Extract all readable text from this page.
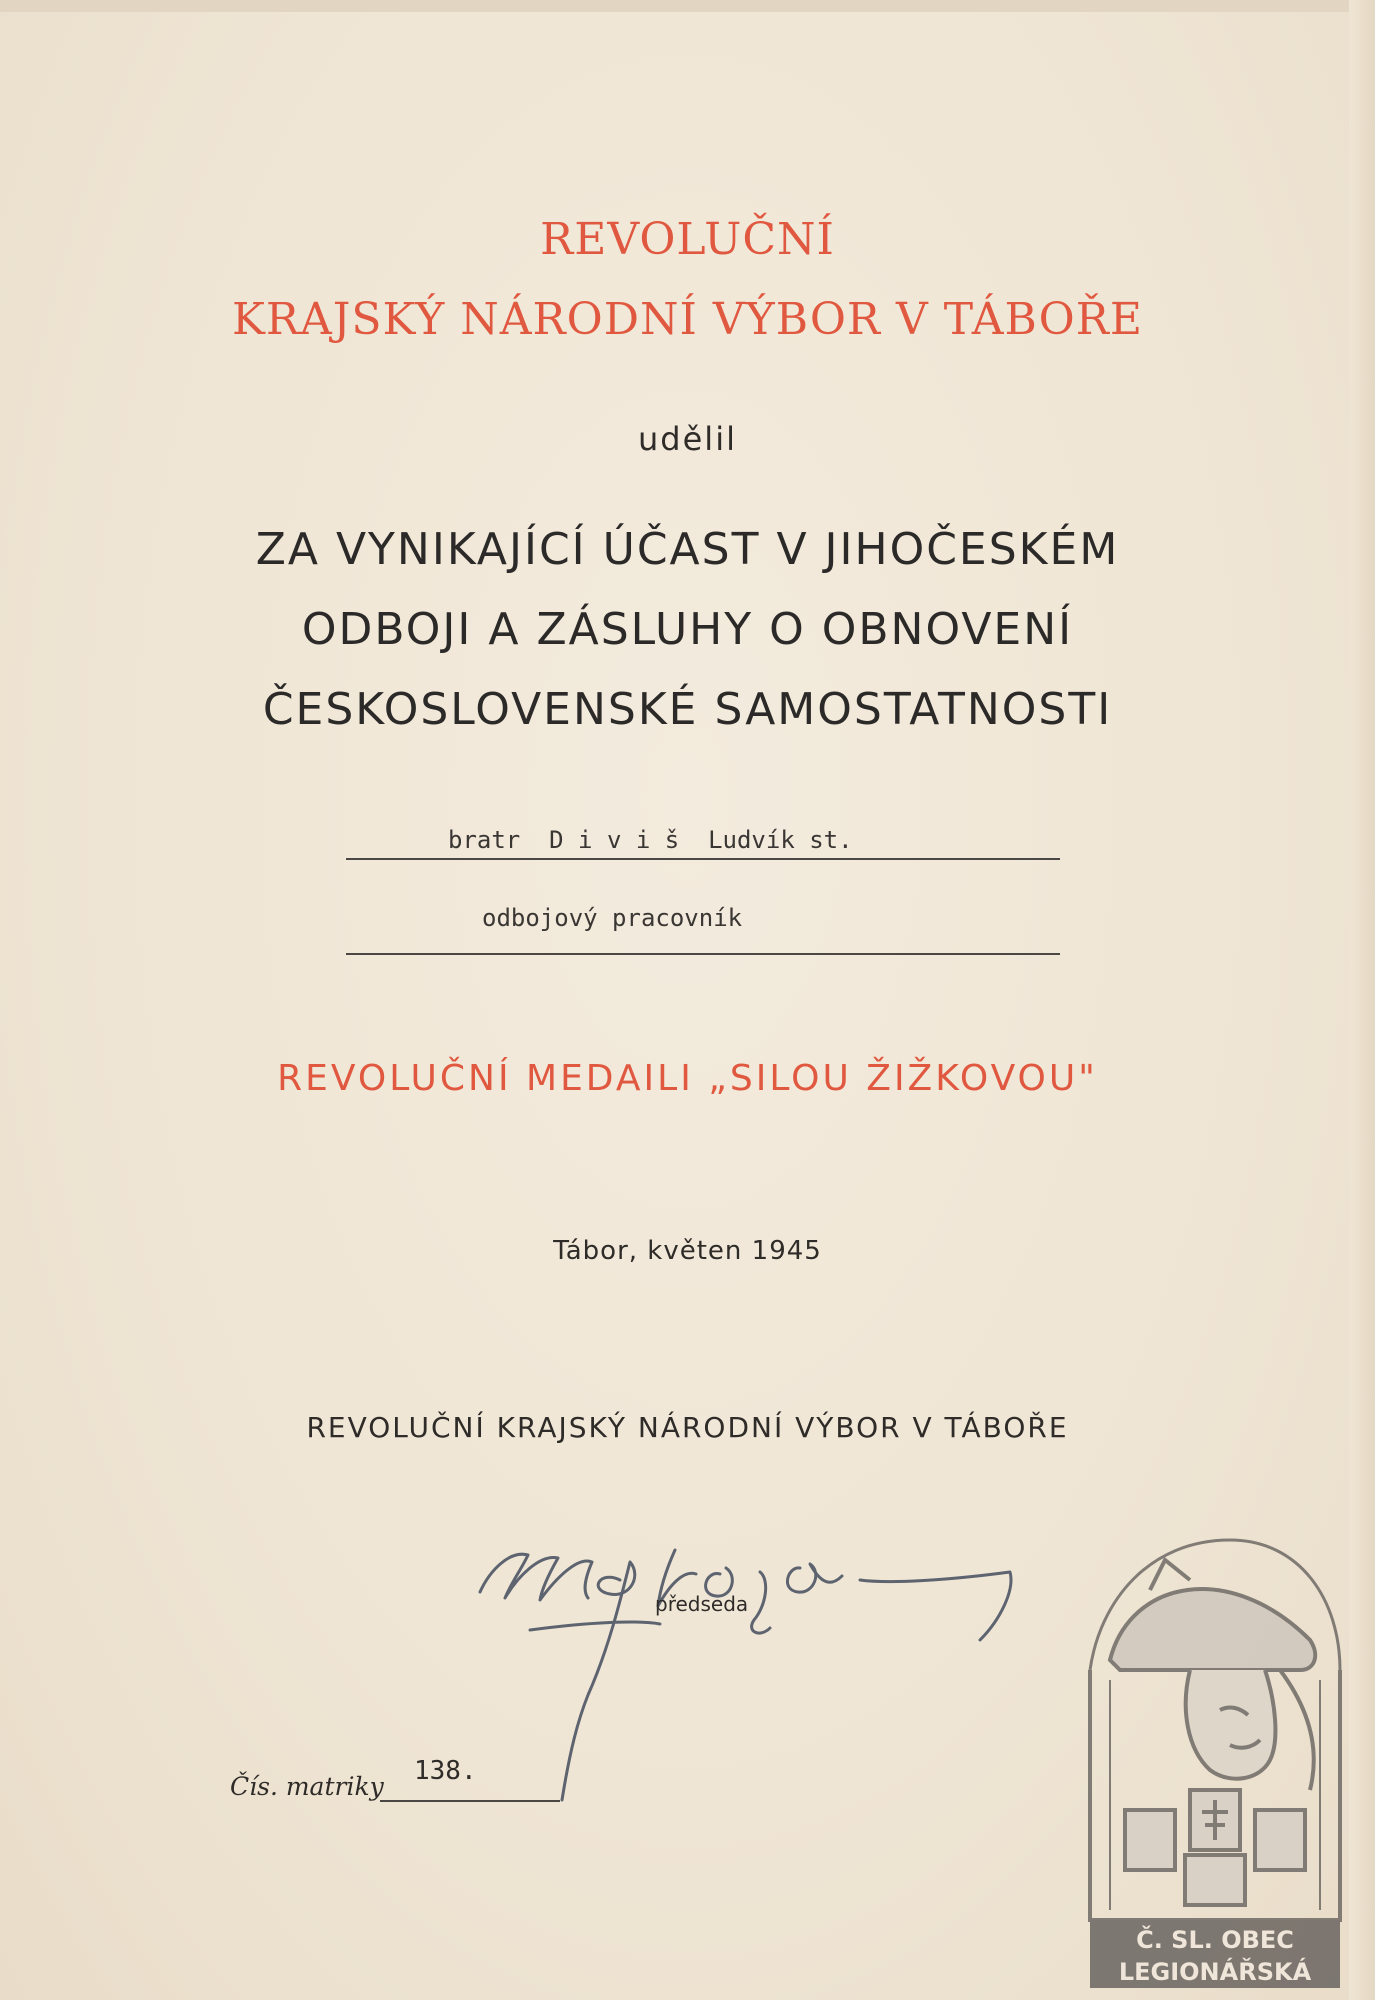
REVOLUČNÍ
KRAJSKÝ NÁRODNÍ VÝBOR V TÁBOŘE
udělil
ZA VYNIKAJÍCÍ ÚČAST V JIHOČESKÉM
ODBOJI A ZÁSLUHY O OBNOVENÍ
ČESKOSLOVENSKÉ SAMOSTATNOSTI
bratr  D i v i š  Ludvík st.
odbojový pracovník
REVOLUČNÍ MEDAILI „SILOU ŽIŽKOVOU"
Tábor, květen 1945
REVOLUČNÍ KRAJSKÝ NÁRODNÍ VÝBOR V TÁBOŘE
předseda
Čís. matriky
138.
Č. SL. OBEC
LEGIONÁŘSKÁ
